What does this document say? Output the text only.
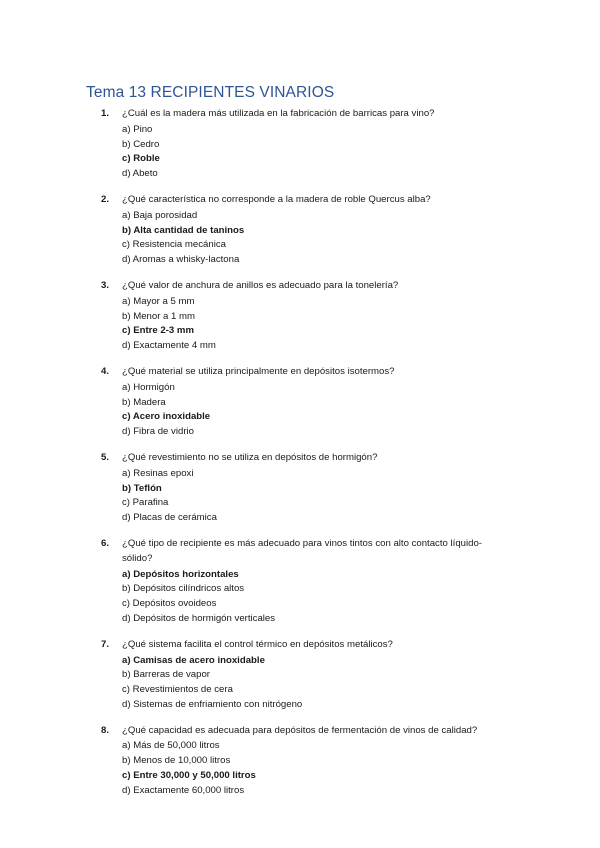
Tema 13 RECIPIENTES VINARIOS
1. ¿Cuál es la madera más utilizada en la fabricación de barricas para vino?
a) Pino
b) Cedro
c) Roble
d) Abeto
2. ¿Qué característica no corresponde a la madera de roble Quercus alba?
a) Baja porosidad
b) Alta cantidad de taninos
c) Resistencia mecánica
d) Aromas a whisky-lactona
3. ¿Qué valor de anchura de anillos es adecuado para la tonelería?
a) Mayor a 5 mm
b) Menor a 1 mm
c) Entre 2-3 mm
d) Exactamente 4 mm
4. ¿Qué material se utiliza principalmente en depósitos isotermos?
a) Hormigón
b) Madera
c) Acero inoxidable
d) Fibra de vidrio
5. ¿Qué revestimiento no se utiliza en depósitos de hormigón?
a) Resinas epoxi
b) Teflón
c) Parafina
d) Placas de cerámica
6. ¿Qué tipo de recipiente es más adecuado para vinos tintos con alto contacto líquido-sólido?
a) Depósitos horizontales
b) Depósitos cilíndricos altos
c) Depósitos ovoideos
d) Depósitos de hormigón verticales
7. ¿Qué sistema facilita el control térmico en depósitos metálicos?
a) Camisas de acero inoxidable
b) Barreras de vapor
c) Revestimientos de cera
d) Sistemas de enfriamiento con nitrógeno
8. ¿Qué capacidad es adecuada para depósitos de fermentación de vinos de calidad?
a) Más de 50,000 litros
b) Menos de 10,000 litros
c) Entre 30,000 y 50,000 litros
d) Exactamente 60,000 litros
